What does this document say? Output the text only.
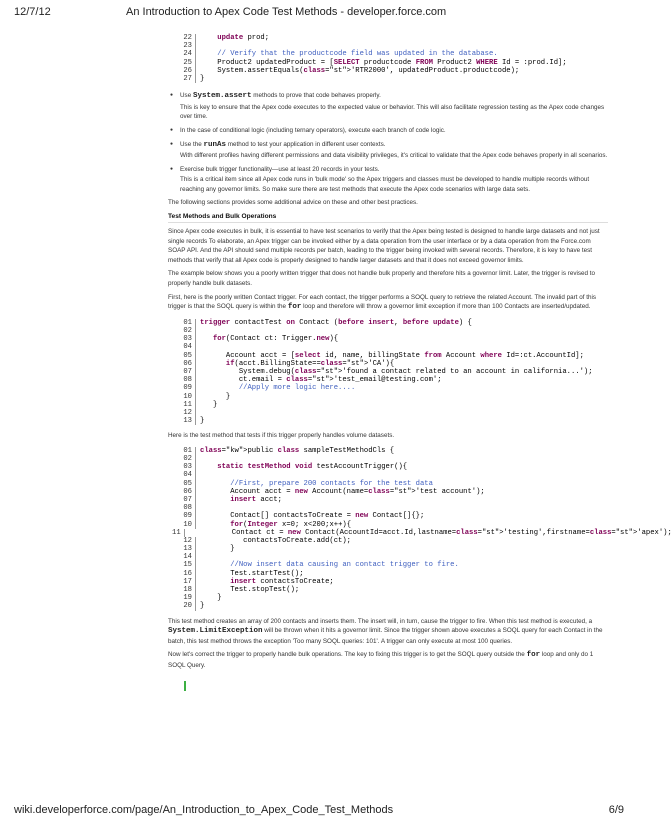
12/7/12	An Introduction to Apex Code Test Methods - developer.force.com
22	update prod;
23
24	// Verify that the productcode field was updated in the database.
25	Product2 updatedProduct = [SELECT productcode FROM Product2 WHERE Id = :prod.Id];
26	System.assertEquals(class="st">'RTR2000', updatedProduct.productcode);
27	}
● Use System.assert methods to prove that code behaves properly.
This is key to ensure that the Apex code executes to the expected value or behavior. This will also facilitate regression testing as the Apex code changes over time.
● In the case of conditional logic (including ternary operators), execute each branch of code logic.
● Use the runAs method to test your application in different user contexts.
With different profiles having different permissions and data visibility privileges, it's critical to validate that the Apex code behaves properly in all scenarios.
● Exercise bulk trigger functionality—use at least 20 records in your tests.
This is a critical item since all Apex code runs in 'bulk mode' so the Apex triggers and classes must be developed to handle multiple records without reaching any governor limits. So make sure there are test methods that execute the Apex code scenarios with large data sets.
The following sections provides some additional advice on these and other best practices.
Test Methods and Bulk Operations
Since Apex code executes in bulk, it is essential to have test scenarios to verify that the Apex being tested is designed to handle large datasets and not just single records To elaborate, an Apex trigger can be invoked either by a data operation from the user interface or by a data operation from the Force.com SOAP API. And the API should send multiple records per batch, leading to the trigger being invoked with several records. Therefore, it is key to have test methods that verify that all Apex code is properly designed to handle larger datasets and that it does not exceed governor limits.
The example below shows you a poorly written trigger that does not handle bulk properly and therefore hits a governor limit. Later, the trigger is revised to properly handle bulk datasets.
First, here is the poorly written Contact trigger. For each contact, the trigger performs a SOQL query to retrieve the related Account. The invalid part of this trigger is that the SOQL query is within the for loop and therefore will throw a governor limit exception if more than 100 Contacts are inserted/updated.
01	trigger contactTest on Contact (before insert, before update) {
02
03	for(Contact ct: Trigger.new){
04
05	Account acct = [select id, name, billingState from Account where Id=:ct.AccountId];
06	if(acct.BillingState==class="st">'CA'){
07	System.debug(class="st">'found a contact related to an account in california...');
08	ct.email = class="st">'test_email@testing.com';
09	//Apply more logic here....
10	}
11	}
12
13	}
Here is the test method that tests if this trigger properly handles volume datasets.
01	class="kw">public class sampleTestMethodCls {
02
03	static testMethod void testAccountTrigger(){
04
05	//First, prepare 200 contacts for the test data
06	Account acct = new Account(name=class="st">'test account');
07	insert acct;
08
09	Contact[] contactsToCreate = new Contact[]{};
10	for(Integer x=0; x<200;x++){
11	Contact ct = new Contact(AccountId=acct.Id,lastname=class="st">'testing',firstname=class="st">'apex');
12	contactsToCreate.add(ct);
13	}
14
15	//Now insert data causing an contact trigger to fire.
16	Test.startTest();
17	insert contactsToCreate;
18	Test.stopTest();
19	}
20	}
This test method creates an array of 200 contacts and inserts them. The insert will, in turn, cause the trigger to fire. When this test method is executed, a System.LimitException will be thrown when it hits a governor limit. Since the trigger shown above executes a SOQL query for each Contact in the batch, this test method throws the exception 'Too many SOQL queries: 101'. A trigger can only execute at most 100 queries.
Now let's correct the trigger to properly handle bulk operations. The key to fixing this trigger is to get the SOQL query outside the for loop and only do 1 SOQL Query.
wiki.developerforce.com/page/An_Introduction_to_Apex_Code_Test_Methods	6/9
